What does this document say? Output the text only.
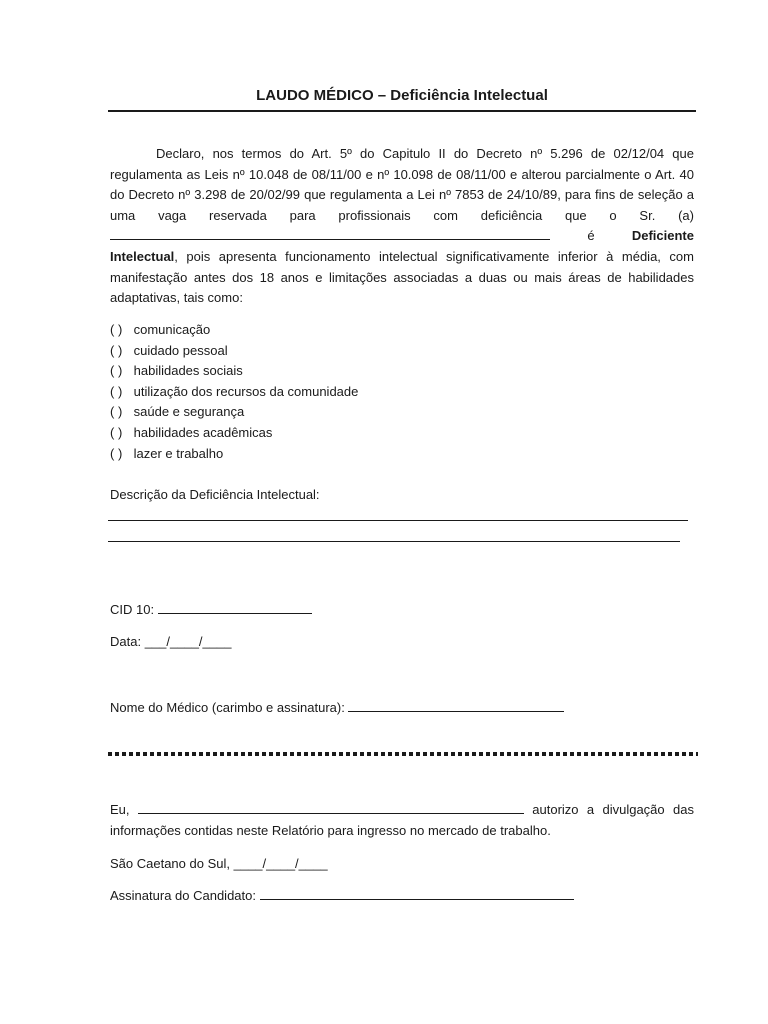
LAUDO MÉDICO – Deficiência Intelectual
Declaro, nos termos do Art. 5º do Capitulo II do Decreto nº 5.296 de 02/12/04 que regulamenta as Leis nº 10.048 de 08/11/00 e nº 10.098 de 08/11/00 e alterou parcialmente o Art. 40 do Decreto nº 3.298 de 20/02/99 que regulamenta a Lei nº 7853 de 24/10/89, para fins de seleção a uma vaga reservada para profissionais com deficiência que o Sr. (a)  é	Deficiente Intelectual, pois apresenta funcionamento intelectual significativamente inferior à média, com manifestação antes dos 18 anos e limitações associadas a duas ou mais áreas de habilidades adaptativas, tais como:
( ) comunicação
( ) cuidado pessoal
( ) habilidades sociais
( ) utilização dos recursos da comunidade
( ) saúde e segurança
( ) habilidades acadêmicas
( ) lazer e trabalho
Descrição da Deficiência Intelectual:
CID 10:
Data: ___/____/____
Nome do Médico (carimbo e assinatura):
Eu,	autorizo a divulgação das informações contidas neste Relatório para ingresso no mercado de trabalho.
São Caetano do Sul, ____/____/____
Assinatura do Candidato:
